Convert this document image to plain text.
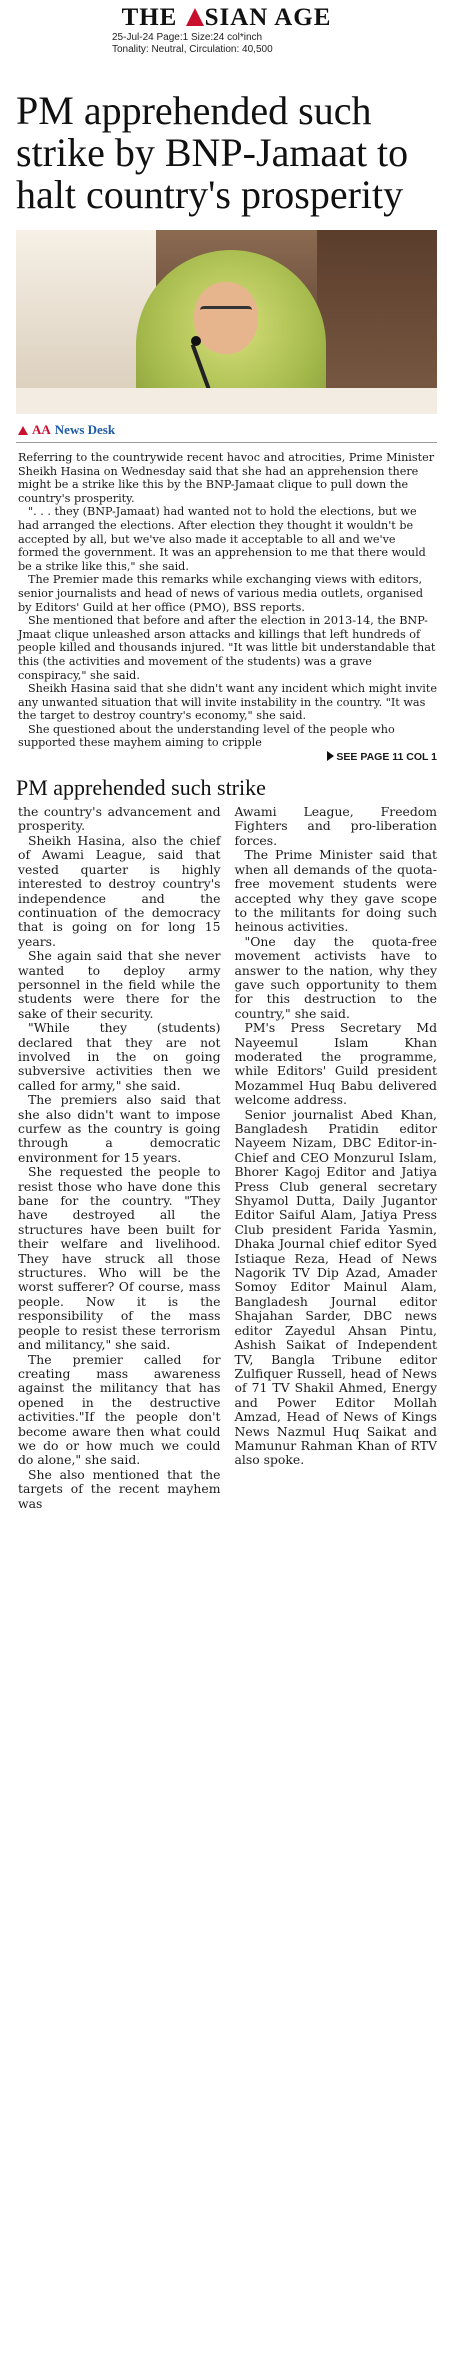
THE SIAN AGE
25-Jul-24 Page:1 Size:24 col*inch
Tonality: Neutral, Circulation: 40,500
PM apprehended such strike by BNP-Jamaat to halt country's prosperity
AA News Desk

Referring to the countrywide recent havoc and atrocities, Prime Minister Sheikh Hasina on Wednesday said that she had an apprehension there might be a strike like this by the BNP-Jamaat clique to pull down the country's prosperity.

". . . they (BNP-Jamaat) had wanted not to hold the elections, but we had arranged the elections. After election they thought it wouldn't be accepted by all, but we've also made it acceptable to all and we've formed the government. It was an apprehension to me that there would be a strike like this," she said.

The Premier made this remarks while exchanging views with editors, senior journalists and head of news of various media outlets, organised by Editors' Guild at her office (PMO), BSS reports.

She mentioned that before and after the election in 2013-14, the BNP-Jmaat clique unleashed arson attacks and killings that left hundreds of people killed and thousands injured. "It was little bit understandable that this (the activities and movement of the students) was a grave conspiracy," she said.

Sheikh Hasina said that she didn't want any incident which might invite any unwanted situation that will invite instability in the country. "It was the target to destroy country's economy," she said.

She questioned about the understanding level of the people who supported these mayhem aiming to cripple

SEE PAGE 11 COL 1
PM apprehended such strike

the country's advancement and prosperity.

Sheikh Hasina, also the chief of Awami League, said that vested quarter is highly interested to destroy country's independence and the continuation of the democracy that is going on for long 15 years.

She again said that she never wanted to deploy army personnel in the field while the students were there for the sake of their security.

"While they (students) declared that they are not involved in the on going subversive activities then we called for army," she said.

The premiers also said that she also didn't want to impose curfew as the country is going through a democratic environment for 15 years.

She requested the people to resist those who have done this bane for the country. "They have destroyed all the structures have been built for their welfare and livelihood. They have struck all those structures. Who will be the worst sufferer? Of course, mass people. Now it is the responsibility of the mass people to resist these terrorism and militancy," she said.

The premier called for creating mass awareness against the militancy that has opened in the destructive activities."If the people don't become aware then what could we do or how much we could do alone," she said.

She also mentioned that the targets of the recent mayhem was

Awami League, Freedom Fighters and pro-liberation forces.

The Prime Minister said that when all demands of the quota-free movement students were accepted why they gave scope to the militants for doing such heinous activities.

"One day the quota-free movement activists have to answer to the nation, why they gave such opportunity to them for this destruction to the country," she said.

PM's Press Secretary Md Nayeemul Islam Khan moderated the programme, while Editors' Guild president Mozammel Huq Babu delivered welcome address.

Senior journalist Abed Khan, Bangladesh Pratidin editor Nayeem Nizam, DBC Editor-in-Chief and CEO Monzurul Islam, Bhorer Kagoj Editor and Jatiya Press Club general secretary Shyamol Dutta, Daily Jugantor Editor Saiful Alam, Jatiya Press Club president Farida Yasmin, Dhaka Journal chief editor Syed Istiaque Reza, Head of News Nagorik TV Dip Azad, Amader Somoy Editor Mainul Alam, Bangladesh Journal editor Shajahan Sarder, DBC news editor Zayedul Ahsan Pintu, Ashish Saikat of Independent TV, Bangla Tribune editor Zulfiquer Russell, head of News of 71 TV Shakil Ahmed, Energy and Power Editor Mollah Amzad, Head of News of Kings News Nazmul Huq Saikat and Mamunur Rahman Khan of RTV also spoke.
